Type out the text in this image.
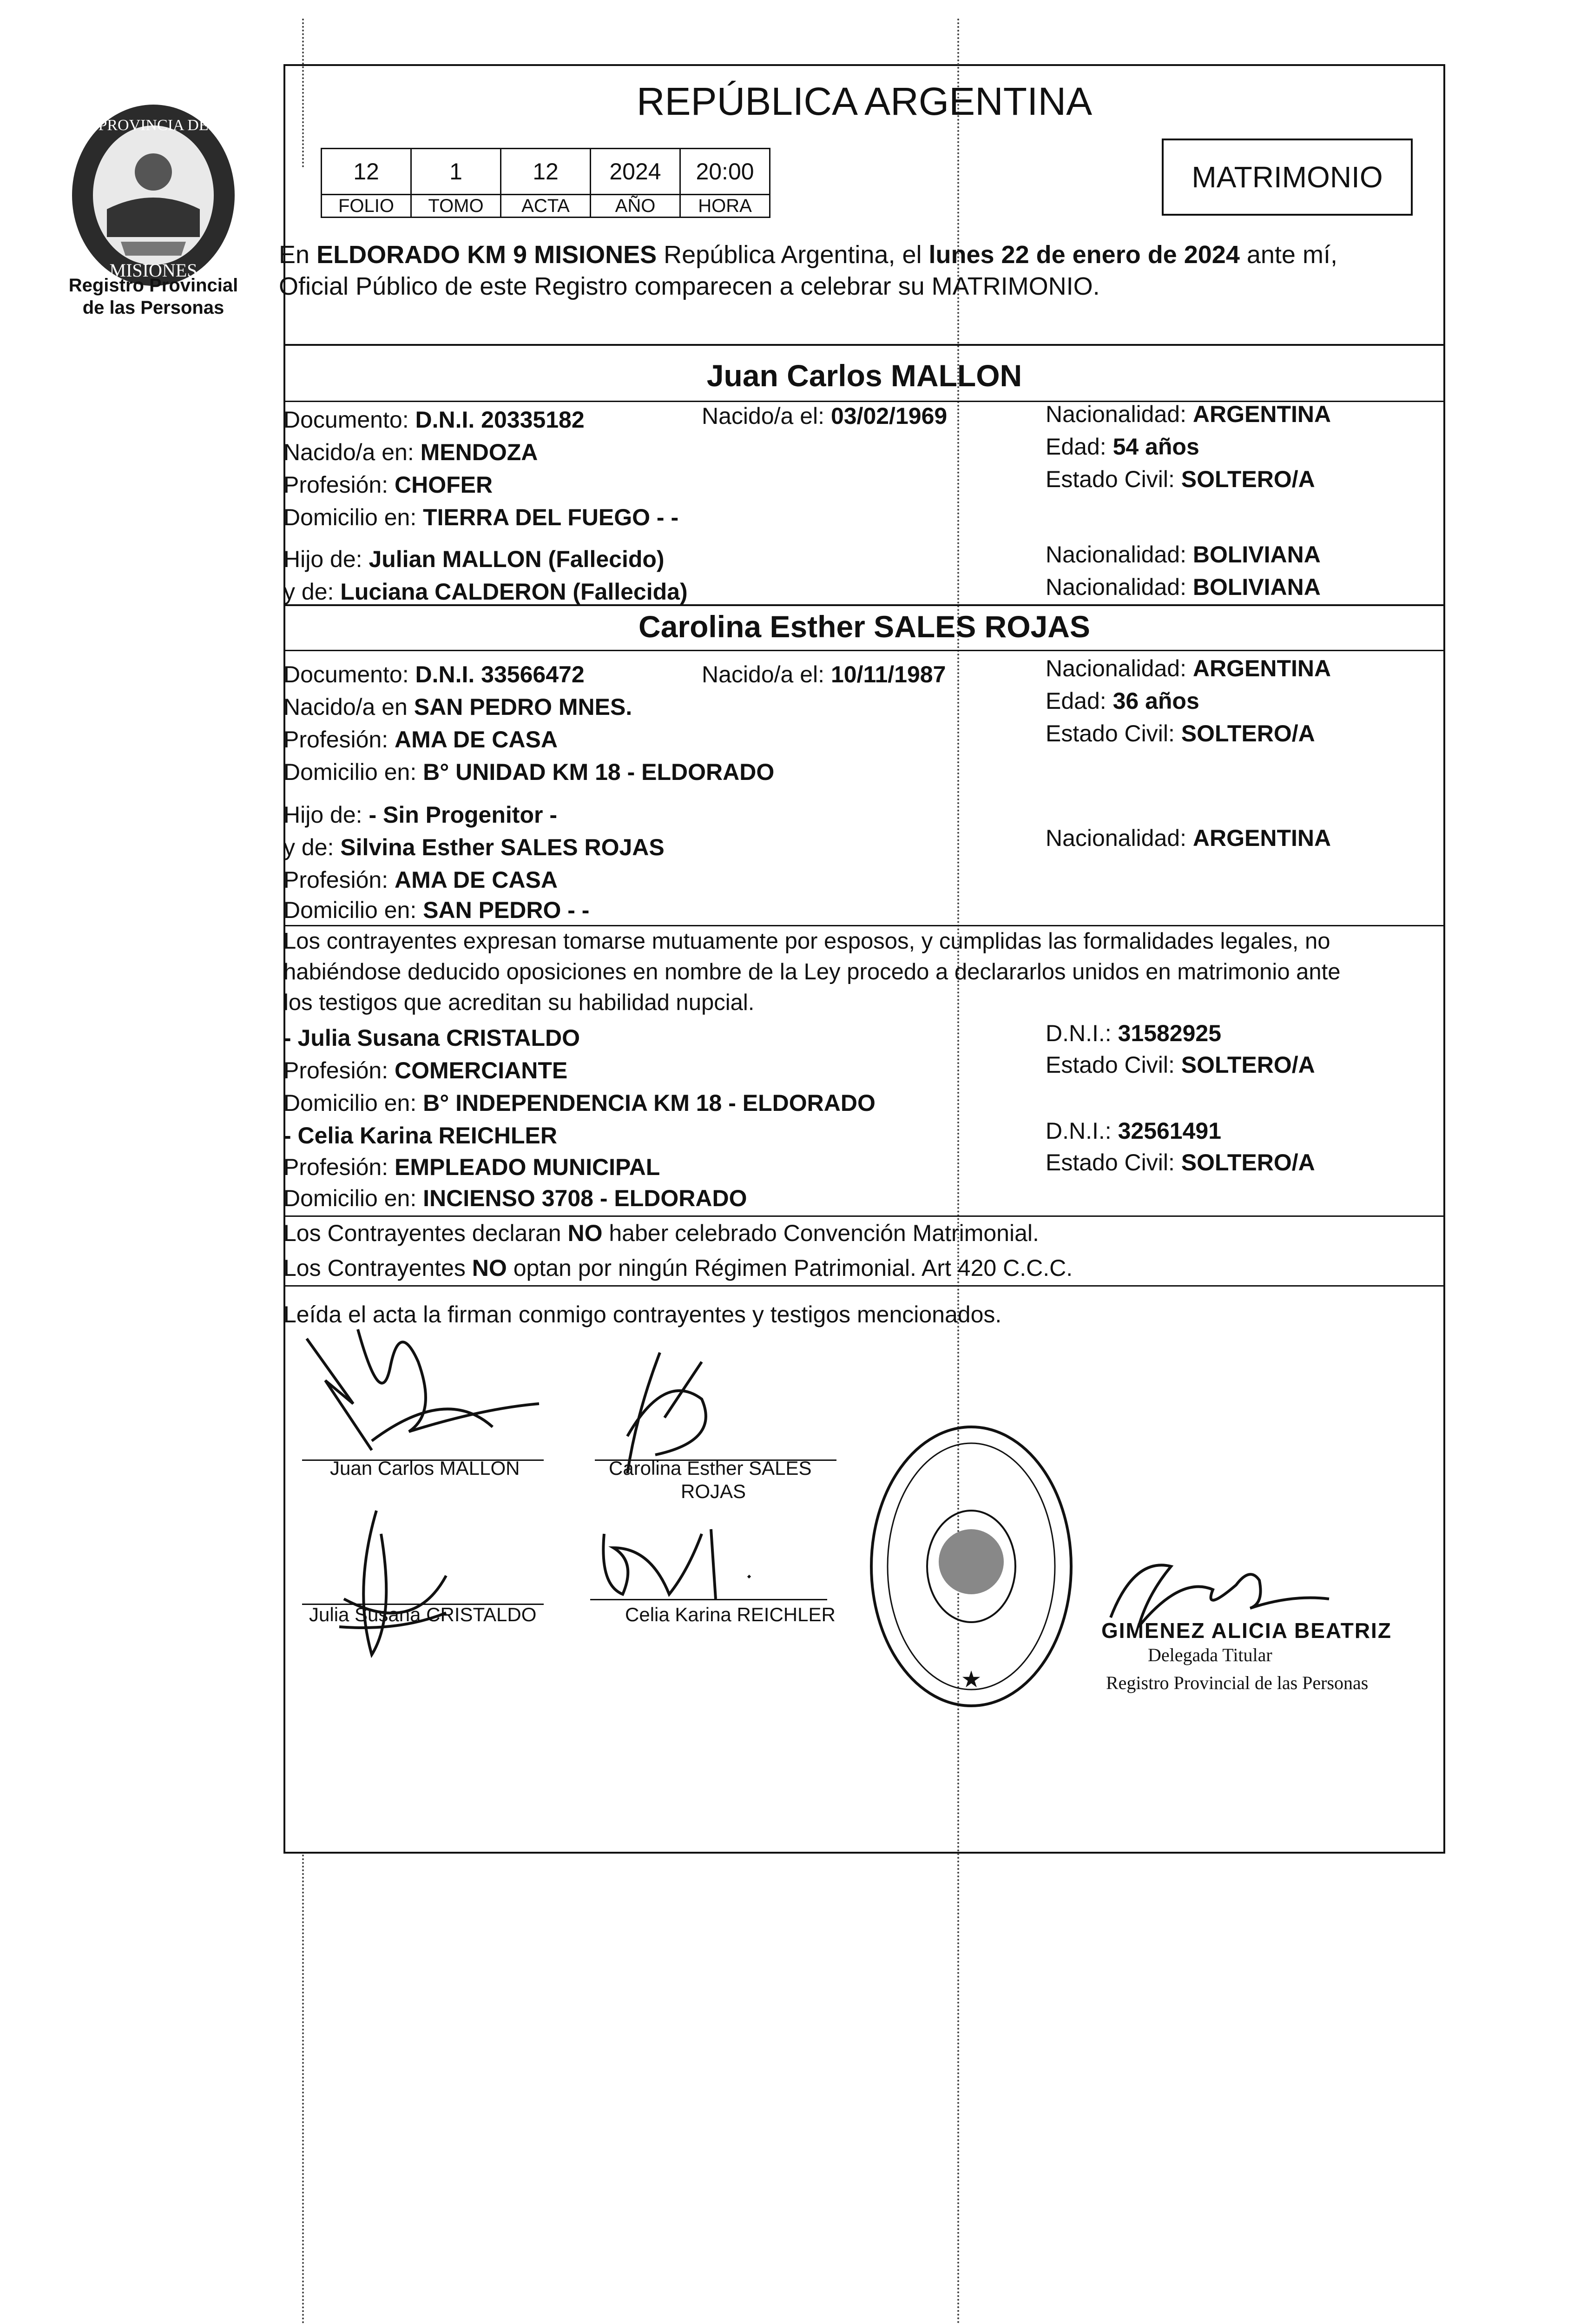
PROVINCIA DE
MISIONES
Registro Provincial
de las Personas
REPÚBLICA ARGENTINA
12	1	12	2024	20:00
FOLIO	TOMO	ACTA	AÑO	HORA
MATRIMONIO
En ELDORADO KM 9 MISIONES República Argentina, el lunes 22 de enero de 2024 ante mí,
Oficial Público de este Registro comparecen a celebrar su MATRIMONIO.
Juan Carlos MALLON
Documento: D.N.I. 20335182	Nacido/a el: 03/02/1969	Nacionalidad: ARGENTINA
Nacido/a en: MENDOZA	Edad: 54 años
Profesión: CHOFER	Estado Civil: SOLTERO/A
Domicilio en: TIERRA DEL FUEGO - -
Hijo de: Julian MALLON (Fallecido)	Nacionalidad: BOLIVIANA
y de: Luciana CALDERON (Fallecida)	Nacionalidad: BOLIVIANA
Carolina Esther SALES ROJAS
Documento: D.N.I. 33566472	Nacido/a el: 10/11/1987	Nacionalidad: ARGENTINA
Nacido/a en SAN PEDRO MNES.	Edad: 36 años
Profesión: AMA DE CASA	Estado Civil: SOLTERO/A
Domicilio en: B° UNIDAD KM 18 - ELDORADO
Hijo de: - Sin Progenitor -
y de: Silvina Esther SALES ROJAS	Nacionalidad: ARGENTINA
Profesión: AMA DE CASA
Domicilio en: SAN PEDRO - -
Los contrayentes expresan tomarse mutuamente por esposos, y cumplidas las formalidades legales, no
habiéndose deducido oposiciones en nombre de la Ley procedo a declararlos unidos en matrimonio ante
los testigos que acreditan su habilidad nupcial.
- Julia Susana CRISTALDO	D.N.I.: 31582925
Profesión: COMERCIANTE	Estado Civil: SOLTERO/A
Domicilio en: B° INDEPENDENCIA KM 18 - ELDORADO
- Celia Karina REICHLER	D.N.I.: 32561491
Profesión: EMPLEADO MUNICIPAL	Estado Civil: SOLTERO/A
Domicilio en: INCIENSO 3708 - ELDORADO
Los Contrayentes declaran NO haber celebrado Convención Matrimonial.
Los Contrayentes NO optan por ningún Régimen Patrimonial. Art 420 C.C.C.
Leída el acta la firman conmigo contrayentes y testigos mencionados.
Juan Carlos MALLON	Carolina Esther SALES
ROJAS
Julia Susana CRISTALDO	Celia Karina REICHLER
★
GIMENEZ ALICIA BEATRIZ
Delegada Titular
Registro Provincial de las Personas
